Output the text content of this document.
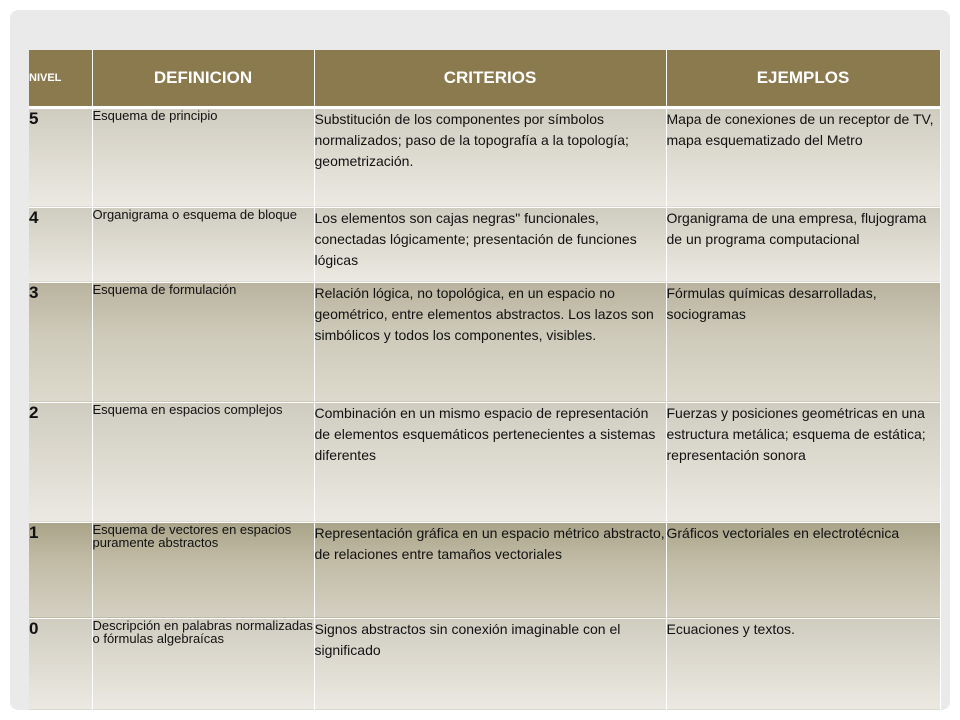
NIVEL	DEFINICION	CRITERIOS	EJEMPLOS
5	Esquema de principio	Substitución de los componentes por símbolos normalizados; paso de la topografía a la topología; geometrización.	Mapa de conexiones de un receptor de TV, mapa esquematizado del Metro
4	Organigrama o esquema de bloque	Los elementos son cajas negras" funcionales, conectadas lógicamente; presentación de funciones lógicas	Organigrama de una empresa, flujograma de un programa computacional
3	Esquema de formulación	Relación lógica, no topológica, en un espacio no geométrico, entre elementos abstractos. Los lazos son simbólicos y todos los componentes, visibles.	Fórmulas químicas desarrolladas, sociogramas
2	Esquema en espacios complejos	Combinación en un mismo espacio de representación de elementos esquemáticos pertenecientes a sistemas diferentes	Fuerzas y posiciones geométricas en una estructura metálica; esquema de estática; representación sonora
1	Esquema de vectores en espacios puramente abstractos	Representación gráfica en un espacio métrico abstracto, de relaciones entre tamaños vectoriales	Gráficos vectoriales en electrotécnica
0	Descripción en palabras normalizadas o fórmulas algebraícas	Signos abstractos sin conexión imaginable con el significado	Ecuaciones y textos.
